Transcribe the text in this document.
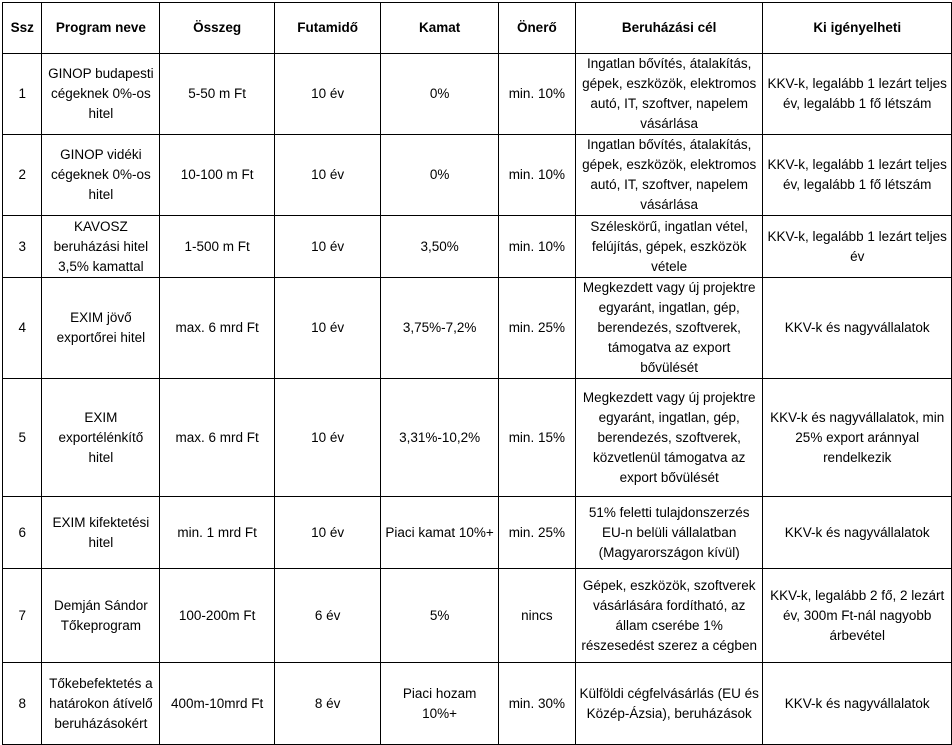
Ssz	Program neve	Összeg	Futamidő	Kamat	Önerő	Beruházási cél	Ki igényelheti
1	GINOP budapesti cégeknek 0%-os hitel	5-50 m Ft	10 év	0%	min. 10%	Ingatlan bővítés, átalakítás, gépek, eszközök, elektromos autó, IT, szoftver, napelem vásárlása	KKV-k, legalább 1 lezárt teljes év, legalább 1 fő létszám
2	GINOP vidéki cégeknek 0%-os hitel	10-100 m Ft	10 év	0%	min. 10%	Ingatlan bővítés, átalakítás, gépek, eszközök, elektromos autó, IT, szoftver, napelem vásárlása	KKV-k, legalább 1 lezárt teljes év, legalább 1 fő létszám
3	KAVOSZ beruházási hitel 3,5% kamattal	1-500 m Ft	10 év	3,50%	min. 10%	Széleskörű, ingatlan vétel, felújítás, gépek, eszközök vétele	KKV-k, legalább 1 lezárt teljes év
4	EXIM jövő exportőrei hitel	max. 6 mrd Ft	10 év	3,75%-7,2%	min. 25%	Megkezdett vagy új projektre egyaránt, ingatlan, gép, berendezés, szoftverek, támogatva az export bővülését	KKV-k és nagyvállalatok
5	EXIM exportélénkítő hitel	max. 6 mrd Ft	10 év	3,31%-10,2%	min. 15%	Megkezdett vagy új projektre egyaránt, ingatlan, gép, berendezés, szoftverek, közvetlenül támogatva az export bővülését	KKV-k és nagyvállalatok, min 25% export aránnyal rendelkezik
6	EXIM kifektetési hitel	min. 1 mrd Ft	10 év	Piaci kamat 10%+	min. 25%	51% feletti tulajdonszerzés EU-n belüli vállalatban (Magyarországon kívül)	KKV-k és nagyvállalatok
7	Demján Sándor Tőkeprogram	100-200m Ft	6 év	5%	nincs	Gépek, eszközök, szoftverek vásárlására fordítható, az állam cserébe 1% részesedést szerez a cégben	KKV-k, legalább 2 fő, 2 lezárt év, 300m Ft-nál nagyobb árbevétel
8	Tőkebefektetés a határokon átívelő beruházásokért	400m-10mrd Ft	8 év	Piaci hozam 10%+	min. 30%	Külföldi cégfelvásárlás (EU és Közép-Ázsia), beruházások	KKV-k és nagyvállalatok
